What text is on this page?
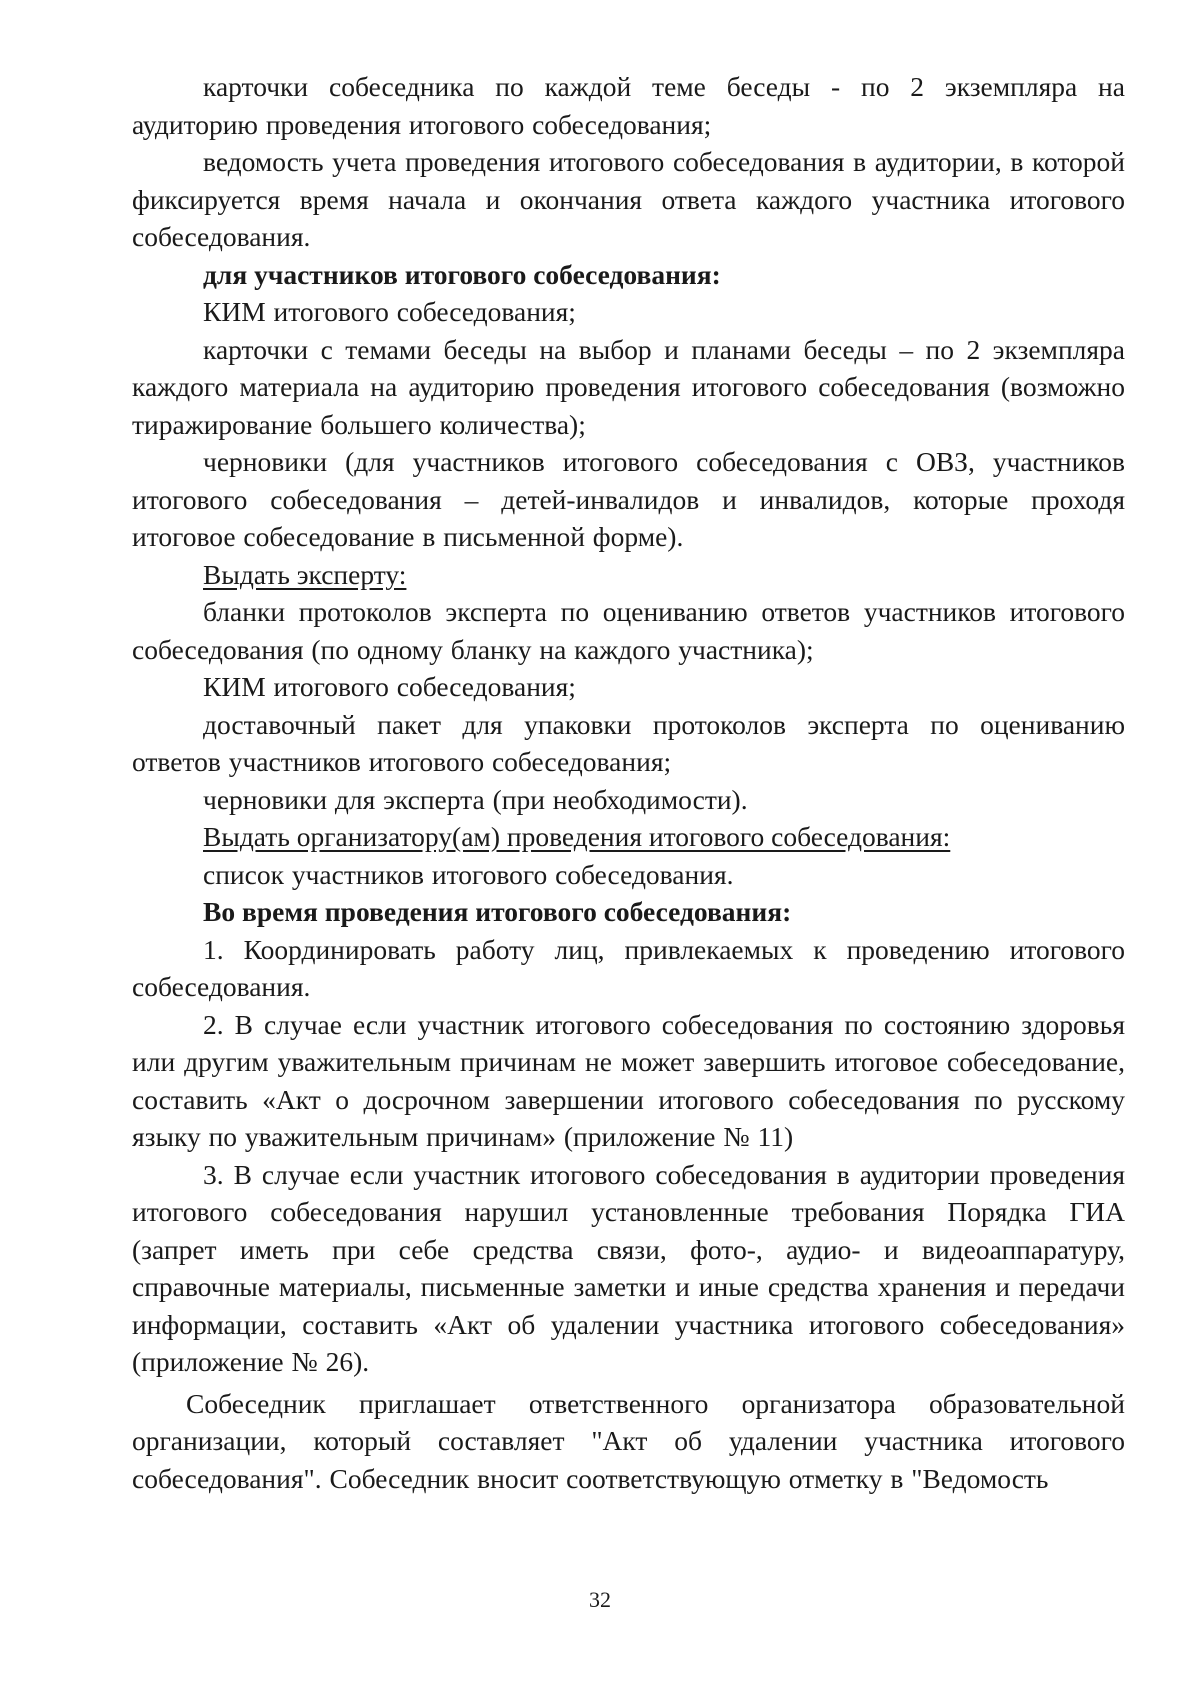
карточки собеседника по каждой теме беседы - по 2 экземпляра на аудиторию проведения итогового собеседования;

ведомость учета проведения итогового собеседования в аудитории, в которой фиксируется время начала и окончания ответа каждого участника итогового собеседования.

для участников итогового собеседования:

КИМ итогового собеседования;

карточки с темами беседы на выбор и планами беседы – по 2 экземпляра каждого материала на аудиторию проведения итогового собеседования (возможно тиражирование большего количества);

черновики (для участников итогового собеседования с ОВЗ, участников итогового собеседования – детей-инвалидов и инвалидов, которые проходя итоговое собеседование в письменной форме).

Выдать эксперту:

бланки протоколов эксперта по оцениванию ответов участников итогового собеседования (по одному бланку на каждого участника);

КИМ итогового собеседования;

доставочный пакет для упаковки протоколов эксперта по оцениванию ответов участников итогового собеседования;

черновики для эксперта (при необходимости).

Выдать организатору(ам) проведения итогового собеседования:

список участников итогового собеседования.

Во время проведения итогового собеседования:

1. Координировать работу лиц, привлекаемых к проведению итогового собеседования.

2. В случае если участник итогового собеседования по состоянию здоровья или другим уважительным причинам не может завершить итоговое собеседование, составить «Акт о досрочном завершении итогового собеседования по русскому языку по уважительным причинам» (приложение № 11)

3. В случае если участник итогового собеседования в аудитории проведения итогового собеседования нарушил установленные требования Порядка ГИА (запрет иметь при себе средства связи, фото-, аудио- и видеоаппаратуру, справочные материалы, письменные заметки и иные средства хранения и передачи информации, составить «Акт об удалении участника итогового собеседования» (приложение № 26).

Собеседник приглашает ответственного организатора образовательной организации, который составляет "Акт об удалении участника итогового собеседования". Собеседник вносит соответствующую отметку в "Ведомость

32
